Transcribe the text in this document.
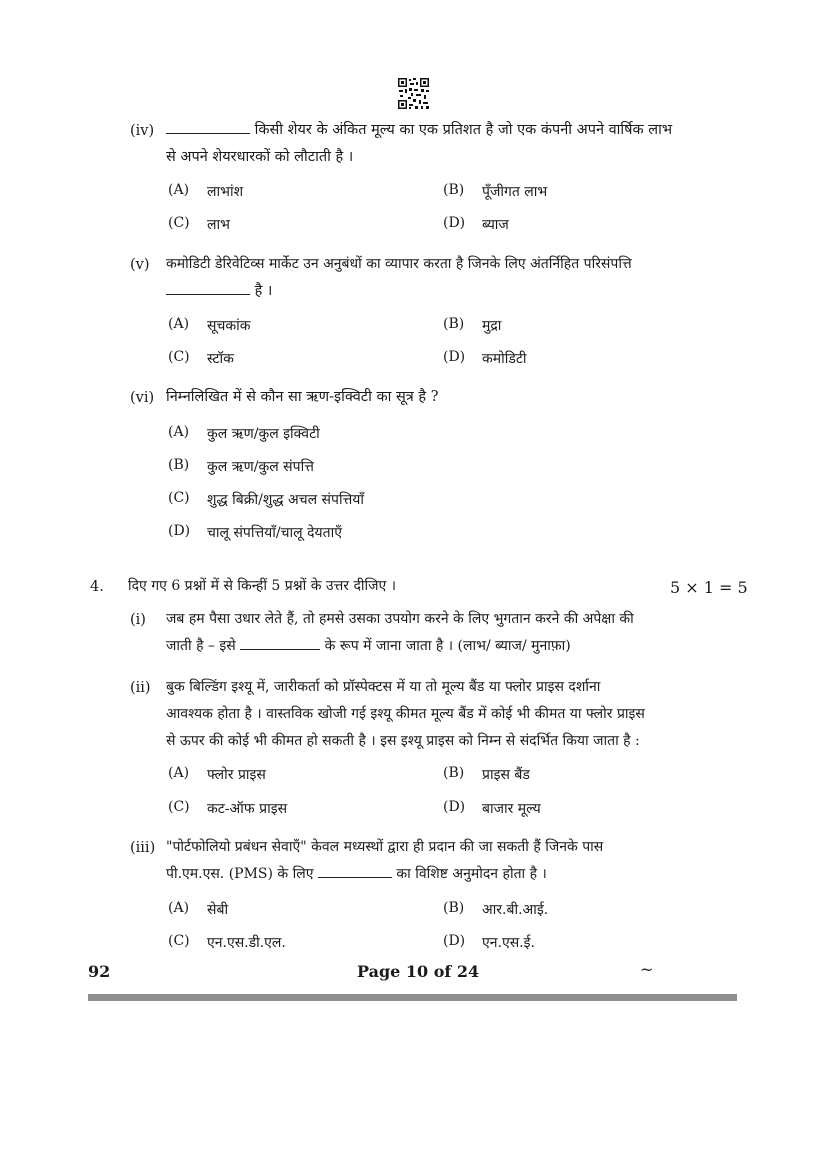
(iv)	किसी शेयर के अंकित मूल्य का एक प्रतिशत है जो एक कंपनी अपने वार्षिक लाभ
से अपने शेयरधारकों को लौटाती है ।
(A) लाभांश	(B) पूँजीगत लाभ
(C) लाभ	(D) ब्याज
(v) कमोडिटी डेरिवेटिव्स मार्केट उन अनुबंधों का व्यापार करता है जिनके लिए अंतर्निहित परिसंपत्ति
है ।
(A) सूचकांक	(B) मुद्रा
(C) स्टॉक	(D) कमोडिटी
(vi) निम्नलिखित में से कौन सा ऋण-इक्विटी का सूत्र है ?
(A) कुल ऋण/कुल इक्विटी
(B) कुल ऋण/कुल संपत्ति
(C) शुद्ध बिक्री/शुद्ध अचल संपत्तियाँ
(D) चालू संपत्तियाँ/चालू देयताएँ
4. दिए गए 6 प्रश्नों में से किन्हीं 5 प्रश्नों के उत्तर दीजिए ।	5 × 1 = 5
(i) जब हम पैसा उधार लेते हैं, तो हमसे उसका उपयोग करने के लिए भुगतान करने की अपेक्षा की
जाती है – इसे	के रूप में जाना जाता है । (लाभ/ ब्याज/ मुनाफ़ा)
(ii) बुक बिल्डिंग इश्यू में, जारीकर्ता को प्रॉस्पेक्टस में या तो मूल्य बैंड या फ्लोर प्राइस दर्शाना
आवश्यक होता है । वास्तविक खोजी गई इश्यू कीमत मूल्य बैंड में कोई भी कीमत या फ्लोर प्राइस
से ऊपर की कोई भी कीमत हो सकती है । इस इश्यू प्राइस को निम्न से संदर्भित किया जाता है :
(A) फ्लोर प्राइस	(B) प्राइस बैंड
(C) कट-ऑफ प्राइस	(D) बाजार मूल्य
(iii) "पोर्टफोलियो प्रबंधन सेवाएँ" केवल मध्यस्थों द्वारा ही प्रदान की जा सकती हैं जिनके पास
पी.एम.एस. (PMS) के लिए	का विशिष्ट अनुमोदन होता है ।
(A) सेबी	(B) आर.बी.आई.
(C) एन.एस.डी.एल.	(D) एन.एस.ई.
92	Page 10 of 24	~
